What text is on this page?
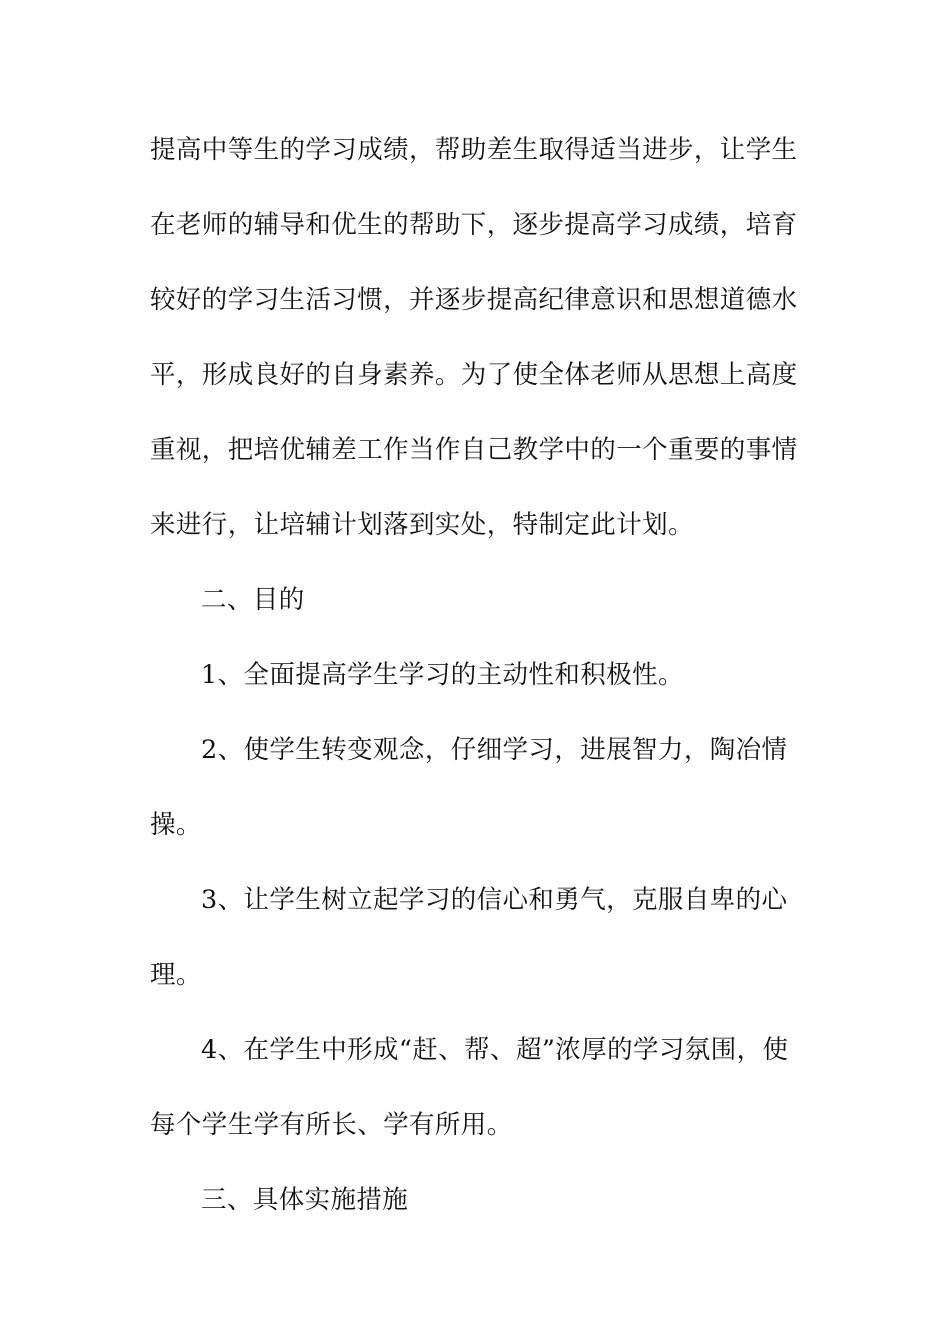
提高中等生的学习成绩，帮助差生取得适当进步，让学生
在老师的辅导和优生的帮助下，逐步提高学习成绩，培育
较好的学习生活习惯，并逐步提高纪律意识和思想道德水
平，形成良好的自身素养。为了使全体老师从思想上高度
重视，把培优辅差工作当作自己教学中的一个重要的事情
来进行，让培辅计划落到实处，特制定此计划。
二、目的
1、全面提高学生学习的主动性和积极性。
2、使学生转变观念，仔细学习，进展智力，陶冶情
操。
3、让学生树立起学习的信心和勇气，克服自卑的心
理。
4、在学生中形成“赶、帮、超”浓厚的学习氛围，使
每个学生学有所长、学有所用。
三、具体实施措施
